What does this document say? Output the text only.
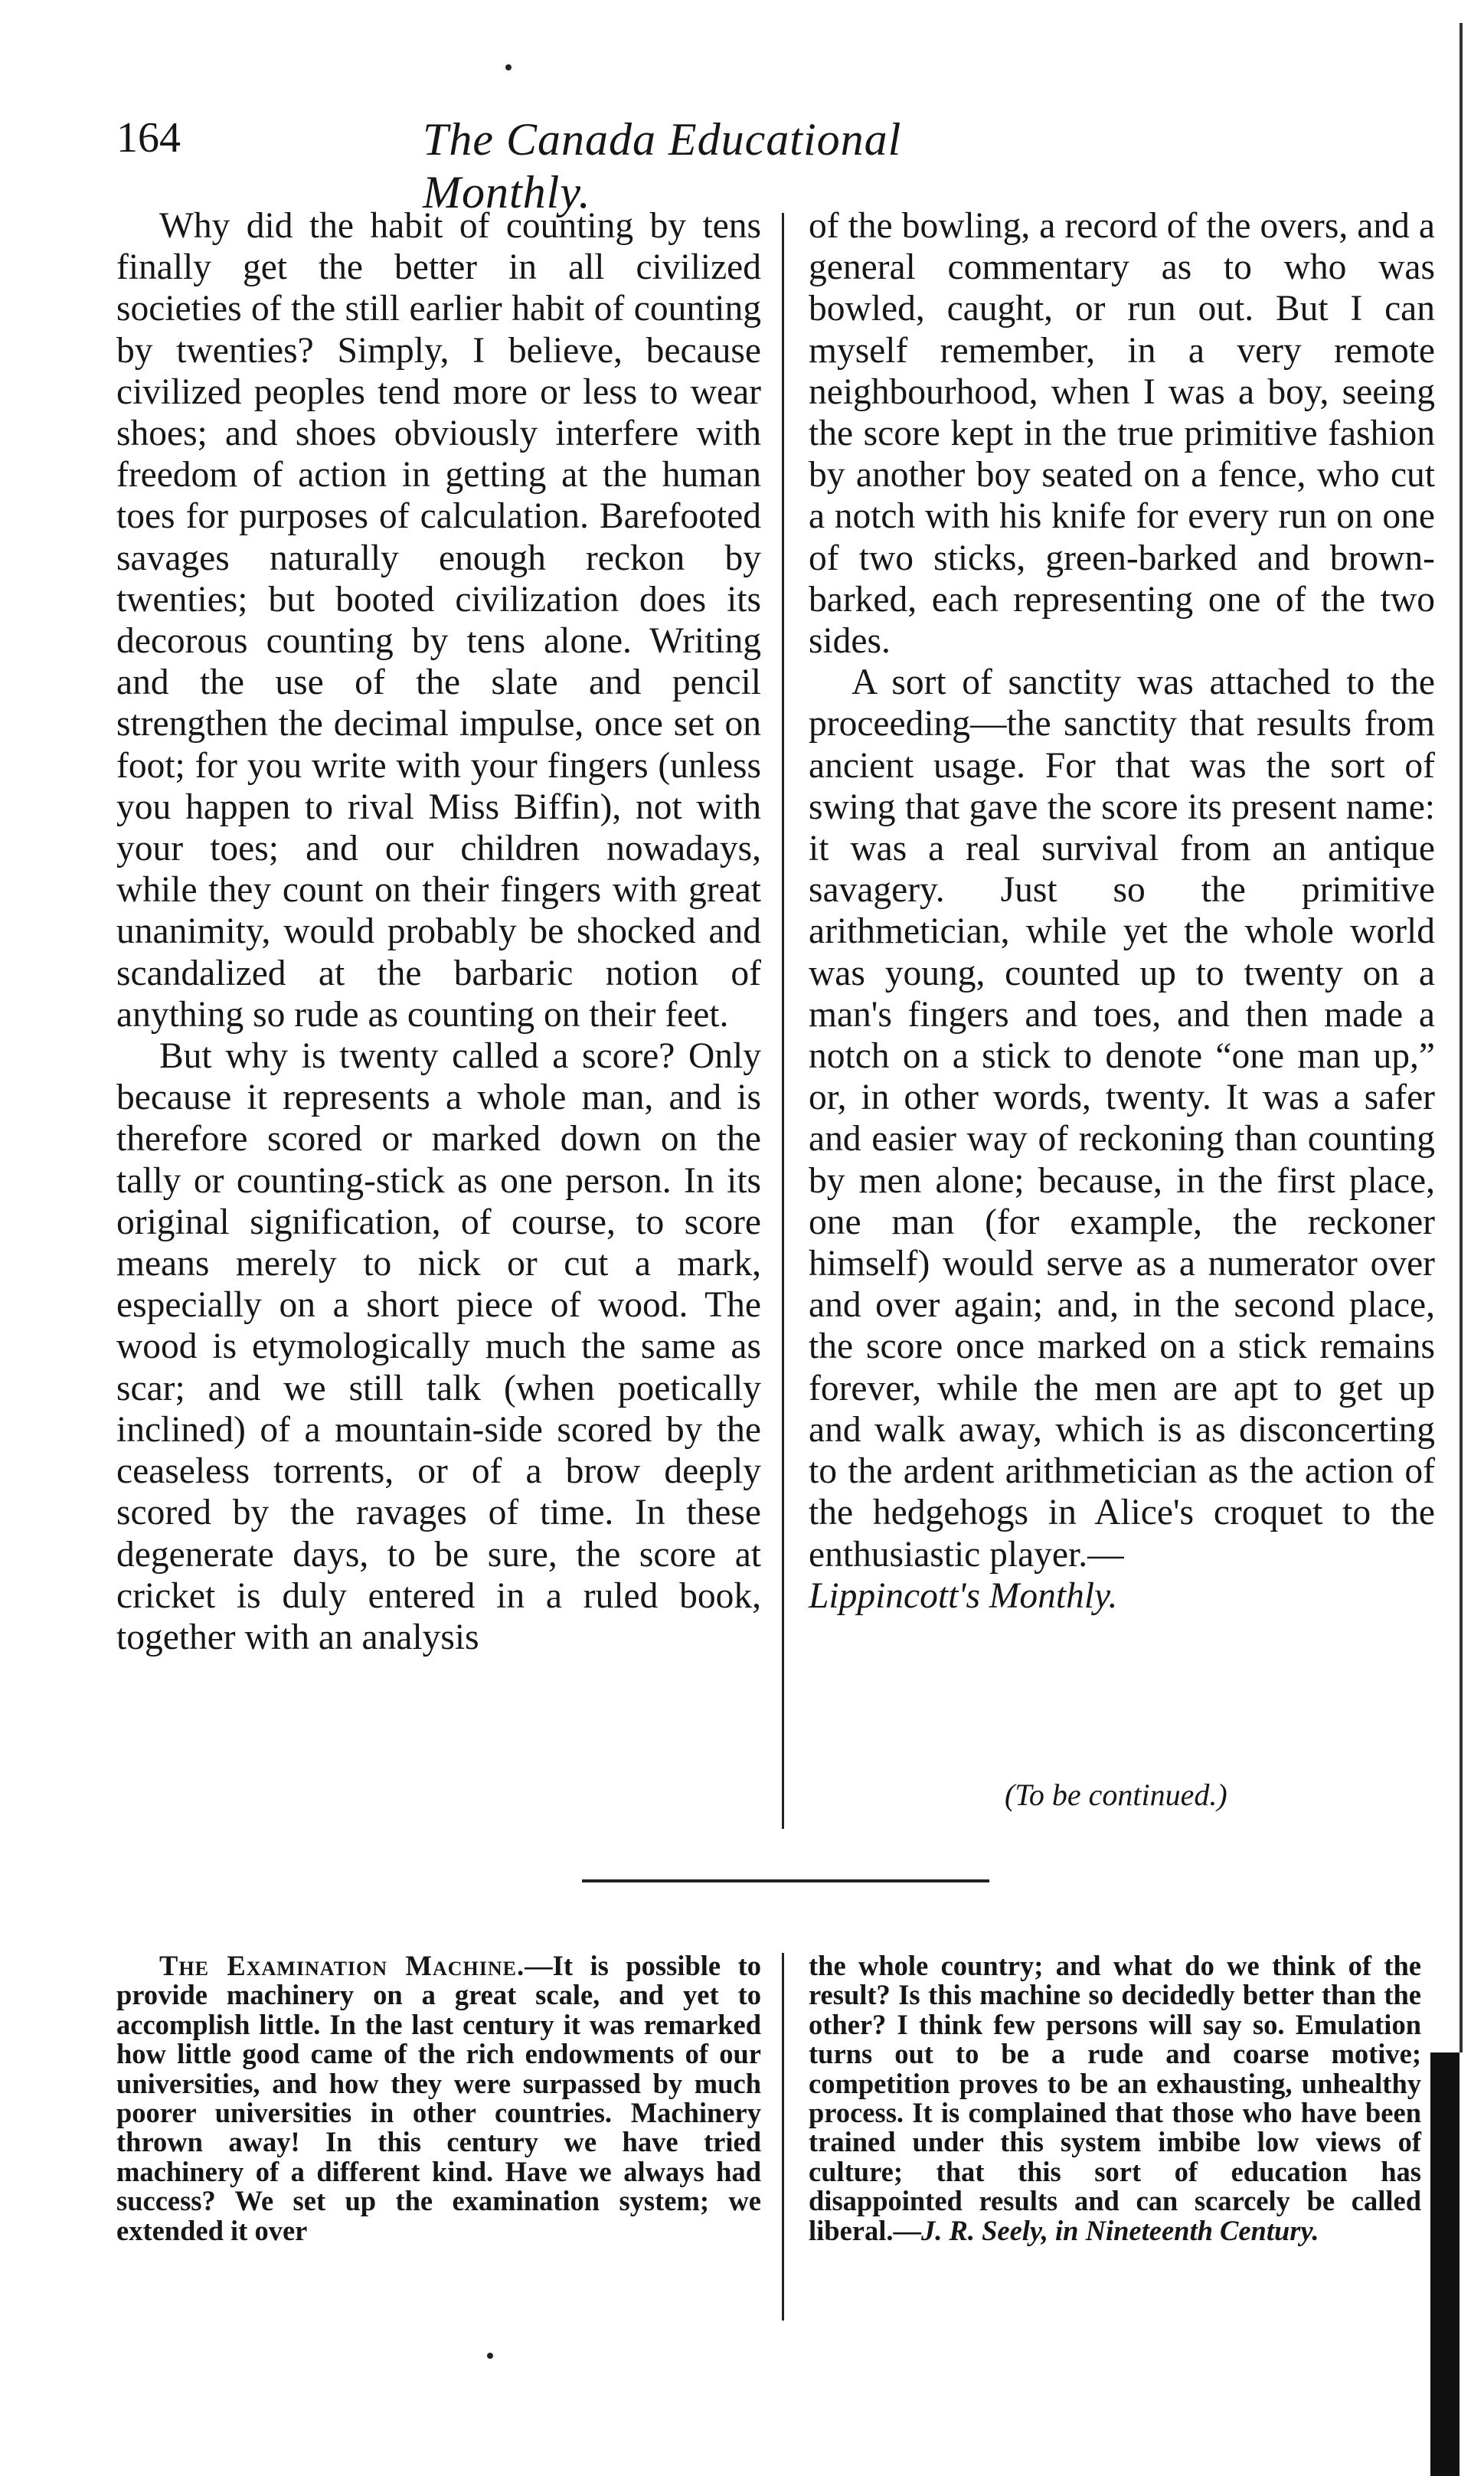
164	The Canada Educational Monthly.

Why did the habit of counting by tens finally get the better in all civilized societies of the still earlier habit of counting by twenties? Simply, I believe, because civilized peoples tend more or less to wear shoes; and shoes obviously interfere with freedom of action in getting at the human toes for purposes of calculation. Barefooted savages naturally enough reckon by twenties; but booted civilization does its decorous counting by tens alone. Writing and the use of the slate and pencil strengthen the decimal impulse, once set on foot; for you write with your fingers (unless you happen to rival Miss Biffin), not with your toes; and our children nowadays, while they count on their fingers with great unanimity, would probably be shocked and scandalized at the barbaric notion of anything so rude as counting on their feet.

But why is twenty called a score? Only because it represents a whole man, and is therefore scored or marked down on the tally or counting-stick as one person. In its original signification, of course, to score means merely to nick or cut a mark, especially on a short piece of wood. The wood is etymologically much the same as scar; and we still talk (when poetically inclined) of a mountain-side scored by the ceaseless torrents, or of a brow deeply scored by the ravages of time. In these degenerate days, to be sure, the score at cricket is duly entered in a ruled book, together with an analysis

of the bowling, a record of the overs, and a general commentary as to who was bowled, caught, or run out. But I can myself remember, in a very remote neighbourhood, when I was a boy, seeing the score kept in the true primitive fashion by another boy seated on a fence, who cut a notch with his knife for every run on one of two sticks, green-barked and brown-barked, each representing one of the two sides.

A sort of sanctity was attached to the proceeding—the sanctity that results from ancient usage. For that was the sort of swing that gave the score its present name: it was a real survival from an antique savagery. Just so the primitive arithmetician, while yet the whole world was young, counted up to twenty on a man's fingers and toes, and then made a notch on a stick to denote “one man up,” or, in other words, twenty. It was a safer and easier way of reckoning than counting by men alone; because, in the first place, one man (for example, the reckoner himself) would serve as a numerator over and over again; and, in the second place, the score once marked on a stick remains forever, while the men are apt to get up and walk away, which is as disconcerting to the ardent arithmetician as the action of the hedgehogs in Alice's croquet to the enthusiastic player.—
Lippincott's Monthly.

(To be continued.)

The Examination Machine.—It is possible to provide machinery on a great scale, and yet to accomplish little. In the last century it was remarked how little good came of the rich endowments of our universities, and how they were surpassed by much poorer universities in other countries. Machinery thrown away! In this century we have tried machinery of a different kind. Have we always had success? We set up the examination system; we extended it over

the whole country; and what do we think of the result? Is this machine so decidedly better than the other? I think few persons will say so. Emulation turns out to be a rude and coarse motive; competition proves to be an exhausting, unhealthy process. It is complained that those who have been trained under this system imbibe low views of culture; that this sort of education has disappointed results and can scarcely be called liberal.—J. R. Seely, in Nineteenth Century.
